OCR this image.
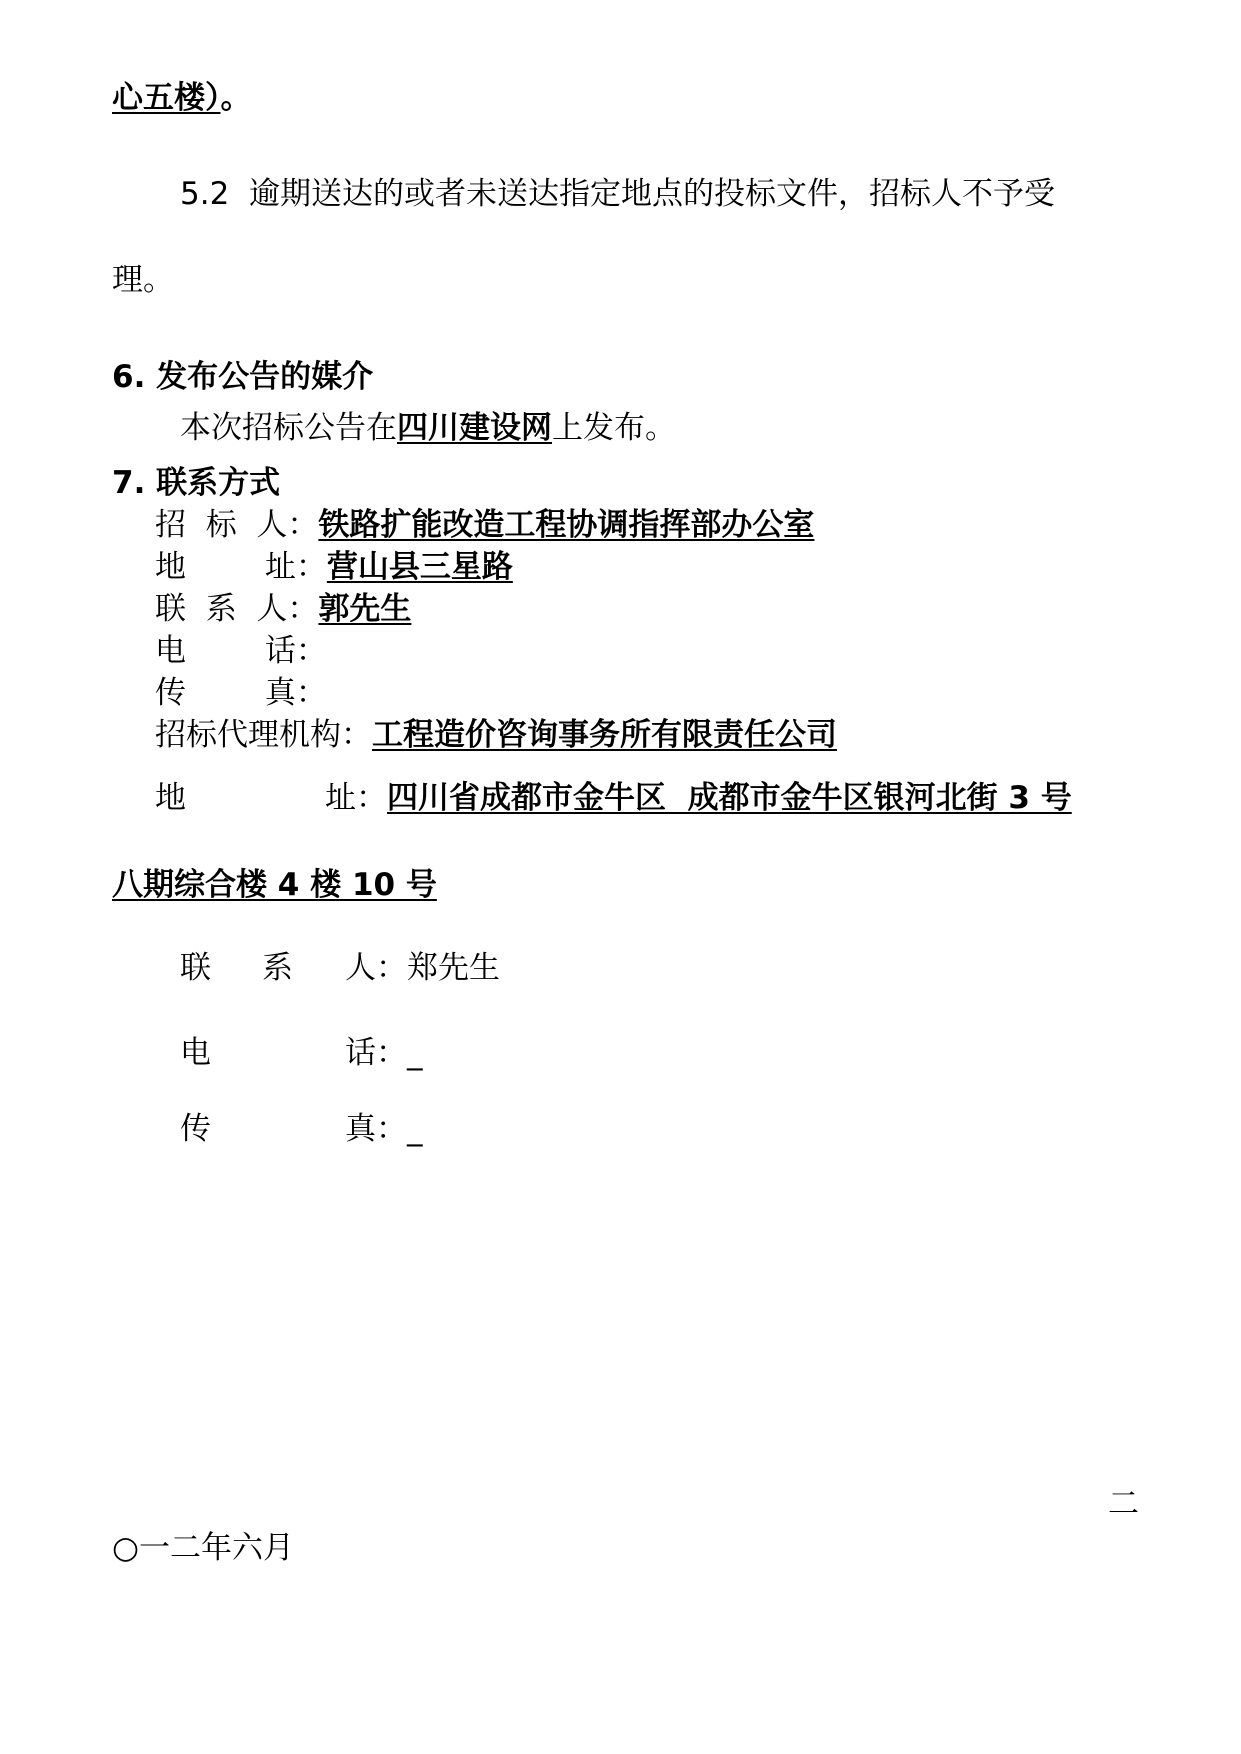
心五楼）。
5.2 逾期送达的或者未送达指定地点的投标文件，招标人不予受
理。
6. 发布公告的媒介
本次招标公告在四川建设网上发布。
7. 联系方式
招  标  人：铁路扩能改造工程协调指挥部办公室
地        址：营山县三星路
联  系  人：郭先生
电        话：
传        真：
招标代理机构：工程造价咨询事务所有限责任公司
地	址：四川省成都市金牛区  成都市金牛区银河北街 3 号
八期综合楼 4 楼 10 号
联 系 人：郑先生
电	话：_
传	真：_
二
○一二年六月
